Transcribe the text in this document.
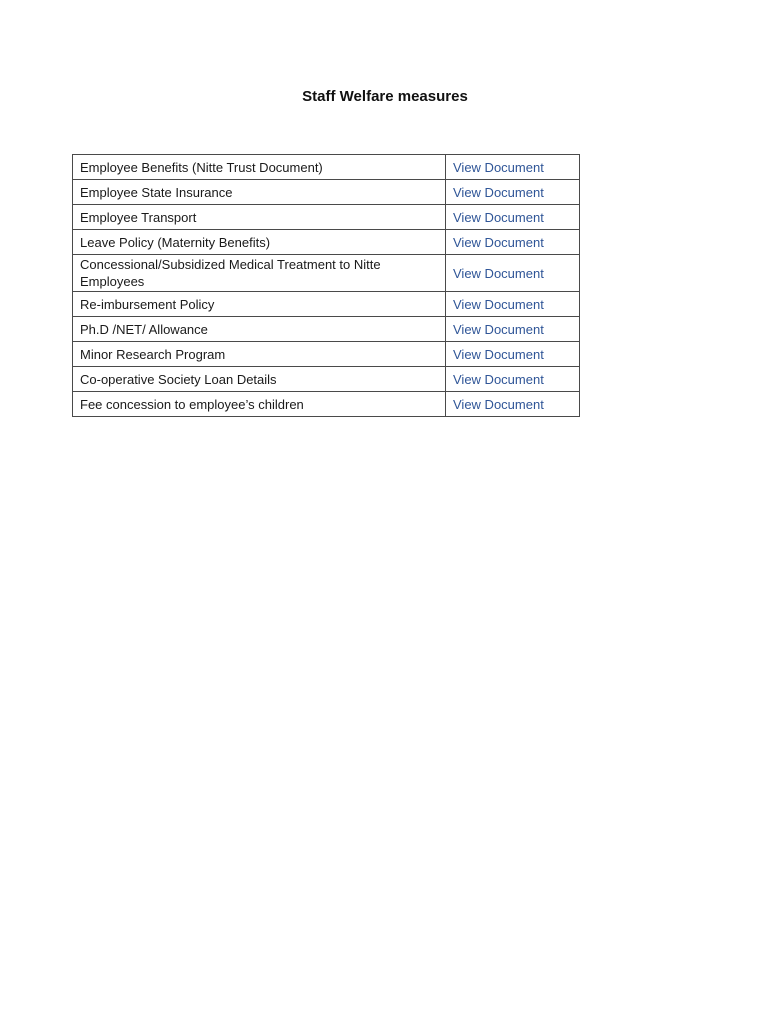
Staff Welfare measures
Employee Benefits (Nitte Trust Document)	View Document
Employee State Insurance	View Document
Employee Transport	View Document
Leave Policy (Maternity Benefits)	View Document
Concessional/Subsidized Medical Treatment to Nitte Employees	View Document
Re-imbursement Policy	View Document
Ph.D /NET/ Allowance	View Document
Minor Research Program	View Document
Co-operative Society Loan Details	View Document
Fee concession to employee’s children	View Document
